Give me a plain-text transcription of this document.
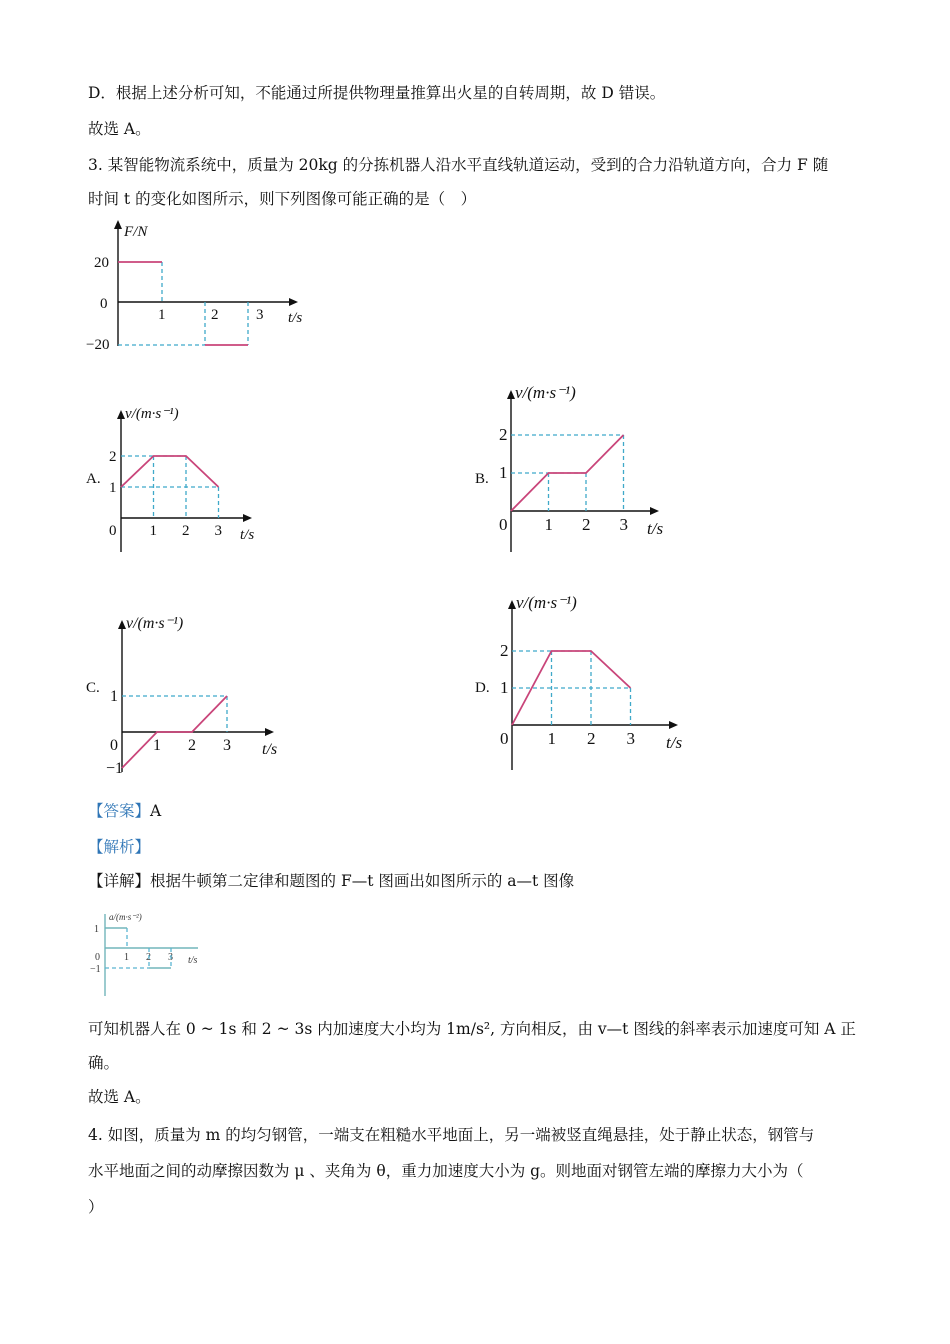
D．根据上述分析可知，不能通过所提供物理量推算出火星的自转周期，故 D 错误。
故选 A。
3. 某智能物流系统中，质量为 20kg 的分拣机器人沿水平直线轨道运动，受到的合力沿轨道方向，合力 F 随
时间 t 的变化如图所示，则下列图像可能正确的是（　）
F/N
t/s
20
0
−20
1	2	3
A.
v/(m·s⁻¹)
t/s
0 1 2 3
2
1
B.
v/(m·s⁻¹)
t/s
0 1 2 3
2
1
C.
v/(m·s⁻¹)
t/s
0 1 2 3
1
−1
D.
v/(m·s⁻¹)
t/s
0 1 2 3
2
1
【答案】A
【解析】
【详解】根据牛顿第二定律和题图的 F—t 图画出如图所示的 a—t 图像
a/(m·s⁻²)
t/s
0
1
−1
1 2 3
可知机器人在 0 ~ 1s 和 2 ~ 3s 内加速度大小均为 1m/s², 方向相反，由 v—t 图线的斜率表示加速度可知 A 正
确。
故选 A。
4. 如图，质量为 m 的均匀钢管，一端支在粗糙水平地面上，另一端被竖直绳悬挂，处于静止状态，钢管与
水平地面之间的动摩擦因数为 μ 、夹角为 θ，重力加速度大小为 g。则地面对钢管左端的摩擦力大小为（
）
